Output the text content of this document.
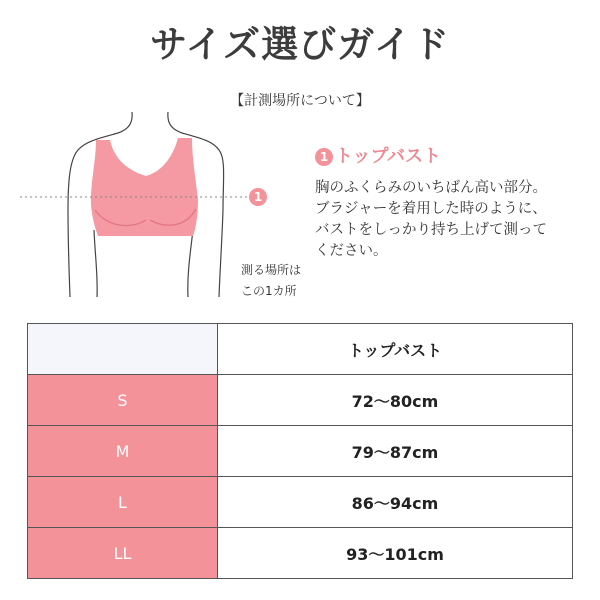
サイズ選びガイド
【計測場所について】
1
測る場所は
この1カ所
1 トップバスト
胸のふくらみのいちばん高い部分。
ブラジャーを着用した時のように、
バストをしっかり持ち上げて測って
ください。
	トップバスト
S	72〜80cm
M	79〜87cm
L	86〜94cm
LL	93〜101cm
